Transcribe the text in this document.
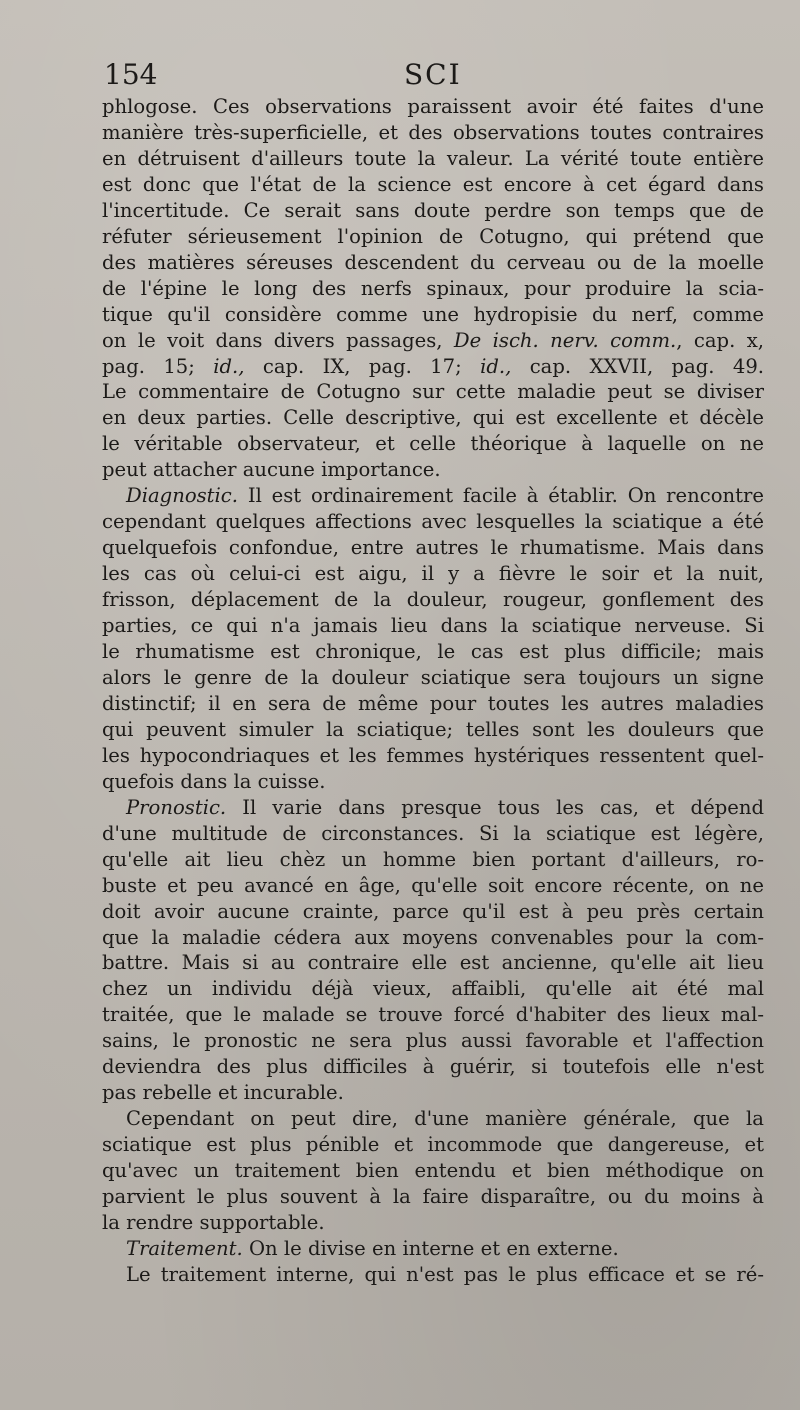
154	SCI
phlogose. Ces observations paraissent avoir été faites d'une
manière très-superficielle, et des observations toutes contraires
en détruisent d'ailleurs toute la valeur. La vérité toute entière
est donc que l'état de la science est encore à cet égard dans
l'incertitude. Ce serait sans doute perdre son temps que de
réfuter sérieusement l'opinion de Cotugno, qui prétend que
des matières séreuses descendent du cerveau ou de la moelle
de l'épine le long des nerfs spinaux, pour produire la scia-
tique qu'il considère comme une hydropisie du nerf, comme
on le voit dans divers passages, De isch. nerv. comm., cap. x,
pag. 15; id., cap. IX, pag. 17; id., cap. XXVII, pag. 49.
Le commentaire de Cotugno sur cette maladie peut se diviser
en deux parties. Celle descriptive, qui est excellente et décèle
le véritable observateur, et celle théorique à laquelle on ne
peut attacher aucune importance.
Diagnostic. Il est ordinairement facile à établir. On rencontre
cependant quelques affections avec lesquelles la sciatique a été
quelquefois confondue, entre autres le rhumatisme. Mais dans
les cas où celui-ci est aigu, il y a fièvre le soir et la nuit,
frisson, déplacement de la douleur, rougeur, gonflement des
parties, ce qui n'a jamais lieu dans la sciatique nerveuse. Si
le rhumatisme est chronique, le cas est plus difficile; mais
alors le genre de la douleur sciatique sera toujours un signe
distinctif; il en sera de même pour toutes les autres maladies
qui peuvent simuler la sciatique; telles sont les douleurs que
les hypocondriaques et les femmes hystériques ressentent quel-
quefois dans la cuisse.
Pronostic. Il varie dans presque tous les cas, et dépend
d'une multitude de circonstances. Si la sciatique est légère,
qu'elle ait lieu chèz un homme bien portant d'ailleurs, ro-
buste et peu avancé en âge, qu'elle soit encore récente, on ne
doit avoir aucune crainte, parce qu'il est à peu près certain
que la maladie cédera aux moyens convenables pour la com-
battre. Mais si au contraire elle est ancienne, qu'elle ait lieu
chez un individu déjà vieux, affaibli, qu'elle ait été mal
traitée, que le malade se trouve forcé d'habiter des lieux mal-
sains, le pronostic ne sera plus aussi favorable et l'affection
deviendra des plus difficiles à guérir, si toutefois elle n'est
pas rebelle et incurable.
Cependant on peut dire, d'une manière générale, que la
sciatique est plus pénible et incommode que dangereuse, et
qu'avec un traitement bien entendu et bien méthodique on
parvient le plus souvent à la faire disparaître, ou du moins à
la rendre supportable.
Traitement. On le divise en interne et en externe.
Le traitement interne, qui n'est pas le plus efficace et se ré-
